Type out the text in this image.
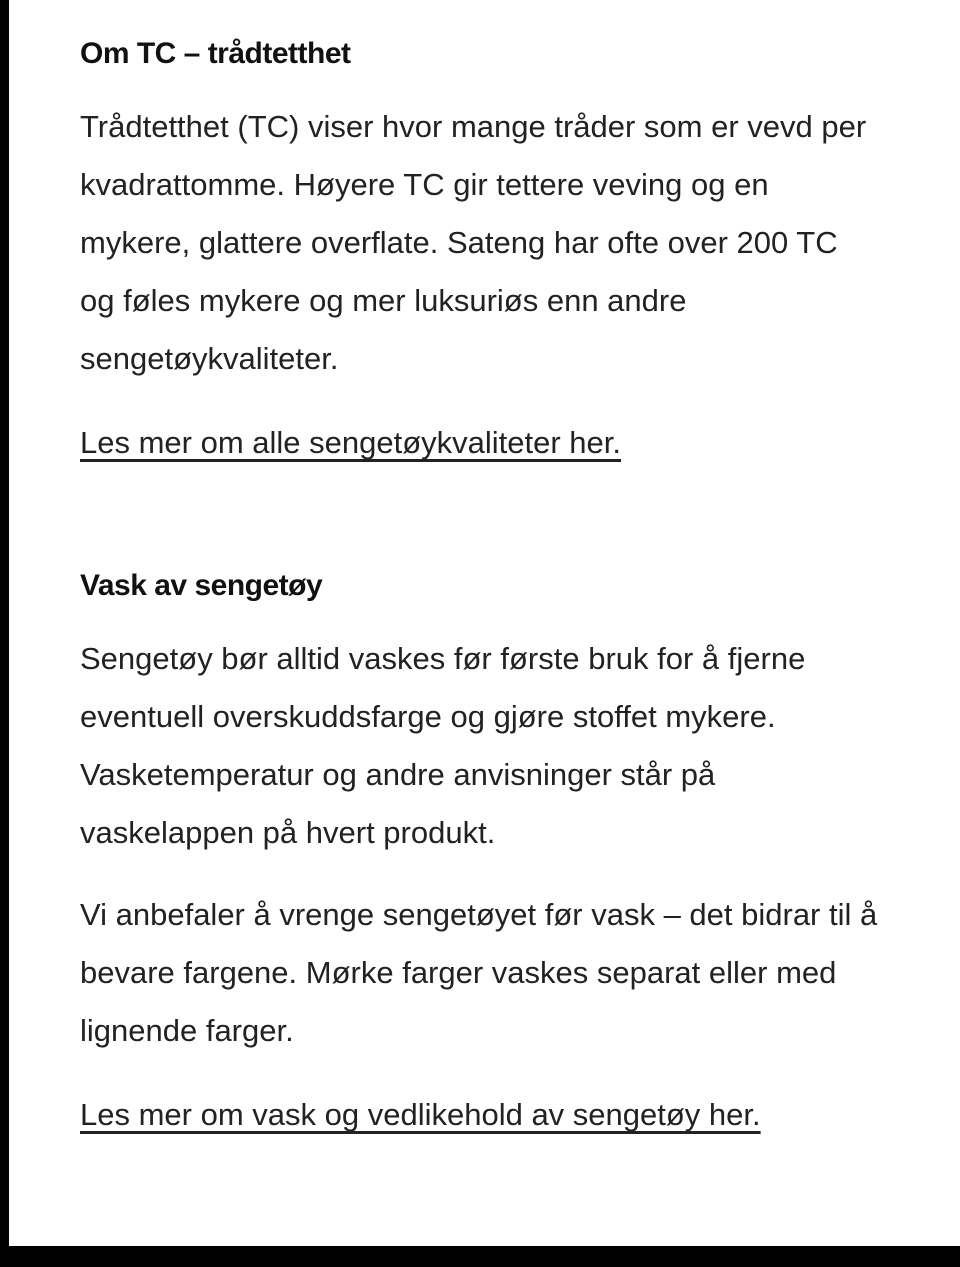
Om TC – trådtetthet

Trådtetthet (TC) viser hvor mange tråder som er vevd per kvadrattomme. Høyere TC gir tettere veving og en mykere, glattere overflate. Sateng har ofte over 200 TC og føles mykere og mer luksuriøs enn andre sengetøykvaliteter.

Les mer om alle sengetøykvaliteter her.
Vask av sengetøy

Sengetøy bør alltid vaskes før første bruk for å fjerne eventuell overskuddsfarge og gjøre stoffet mykere. Vasketemperatur og andre anvisninger står på vaskelappen på hvert produkt.

Vi anbefaler å vrenge sengetøyet før vask – det bidrar til å bevare fargene. Mørke farger vaskes separat eller med lignende farger.

Les mer om vask og vedlikehold av sengetøy her.
